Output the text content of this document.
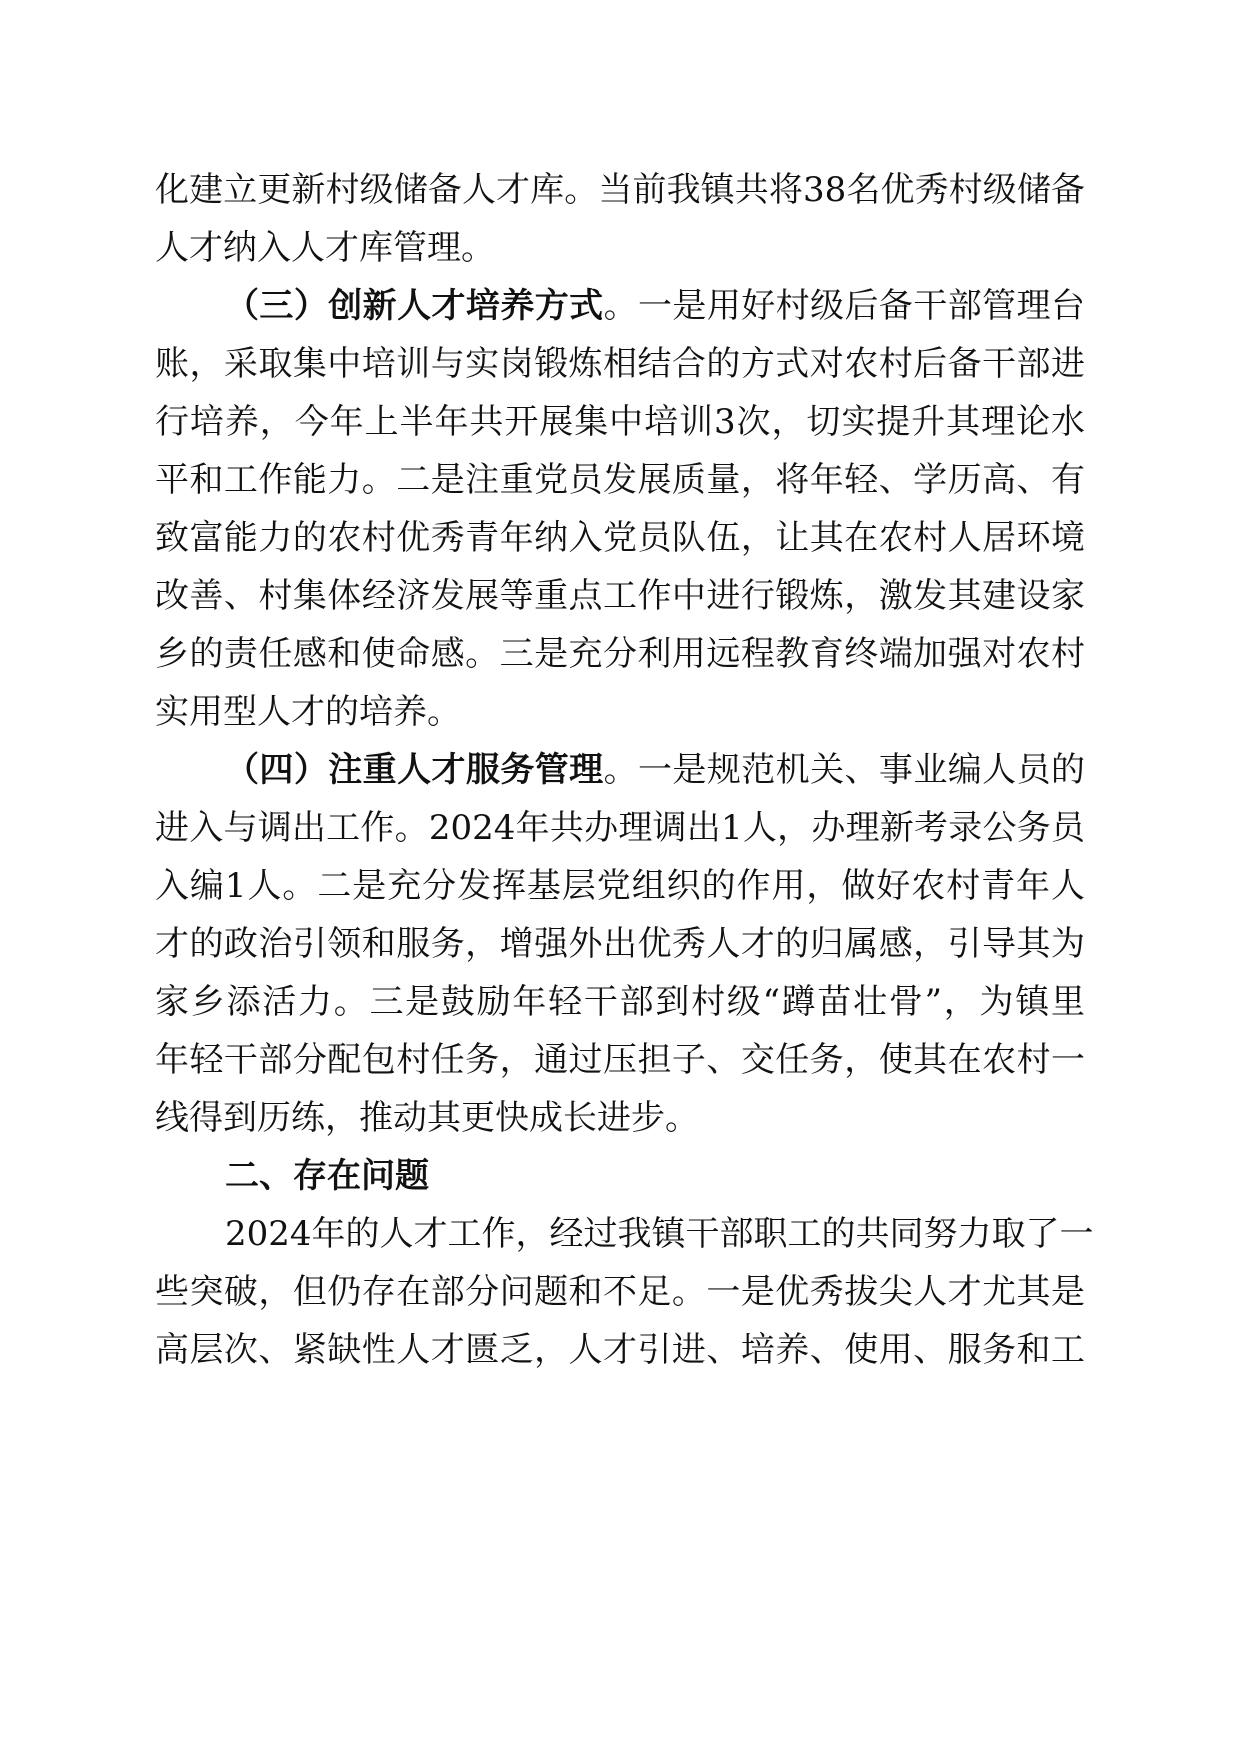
化建立更新村级储备人才库。当前我镇共将38名优秀村级储备
人才纳入人才库管理。
（三）创新人才培养方式。一是用好村级后备干部管理台
账，采取集中培训与实岗锻炼相结合的方式对农村后备干部进
行培养，今年上半年共开展集中培训3次，切实提升其理论水
平和工作能力。二是注重党员发展质量，将年轻、学历高、有
致富能力的农村优秀青年纳入党员队伍，让其在农村人居环境
改善、村集体经济发展等重点工作中进行锻炼，激发其建设家
乡的责任感和使命感。三是充分利用远程教育终端加强对农村
实用型人才的培养。
（四）注重人才服务管理。一是规范机关、事业编人员的
进入与调出工作。2024年共办理调出1人，办理新考录公务员
入编1人。二是充分发挥基层党组织的作用，做好农村青年人
才的政治引领和服务，增强外出优秀人才的归属感，引导其为
家乡添活力。三是鼓励年轻干部到村级“蹲苗壮骨”，为镇里
年轻干部分配包村任务，通过压担子、交任务，使其在农村一
线得到历练，推动其更快成长进步。
二、存在问题
2024年的人才工作，经过我镇干部职工的共同努力取了一
些突破，但仍存在部分问题和不足。一是优秀拔尖人才尤其是
高层次、紧缺性人才匮乏，人才引进、培养、使用、服务和工
